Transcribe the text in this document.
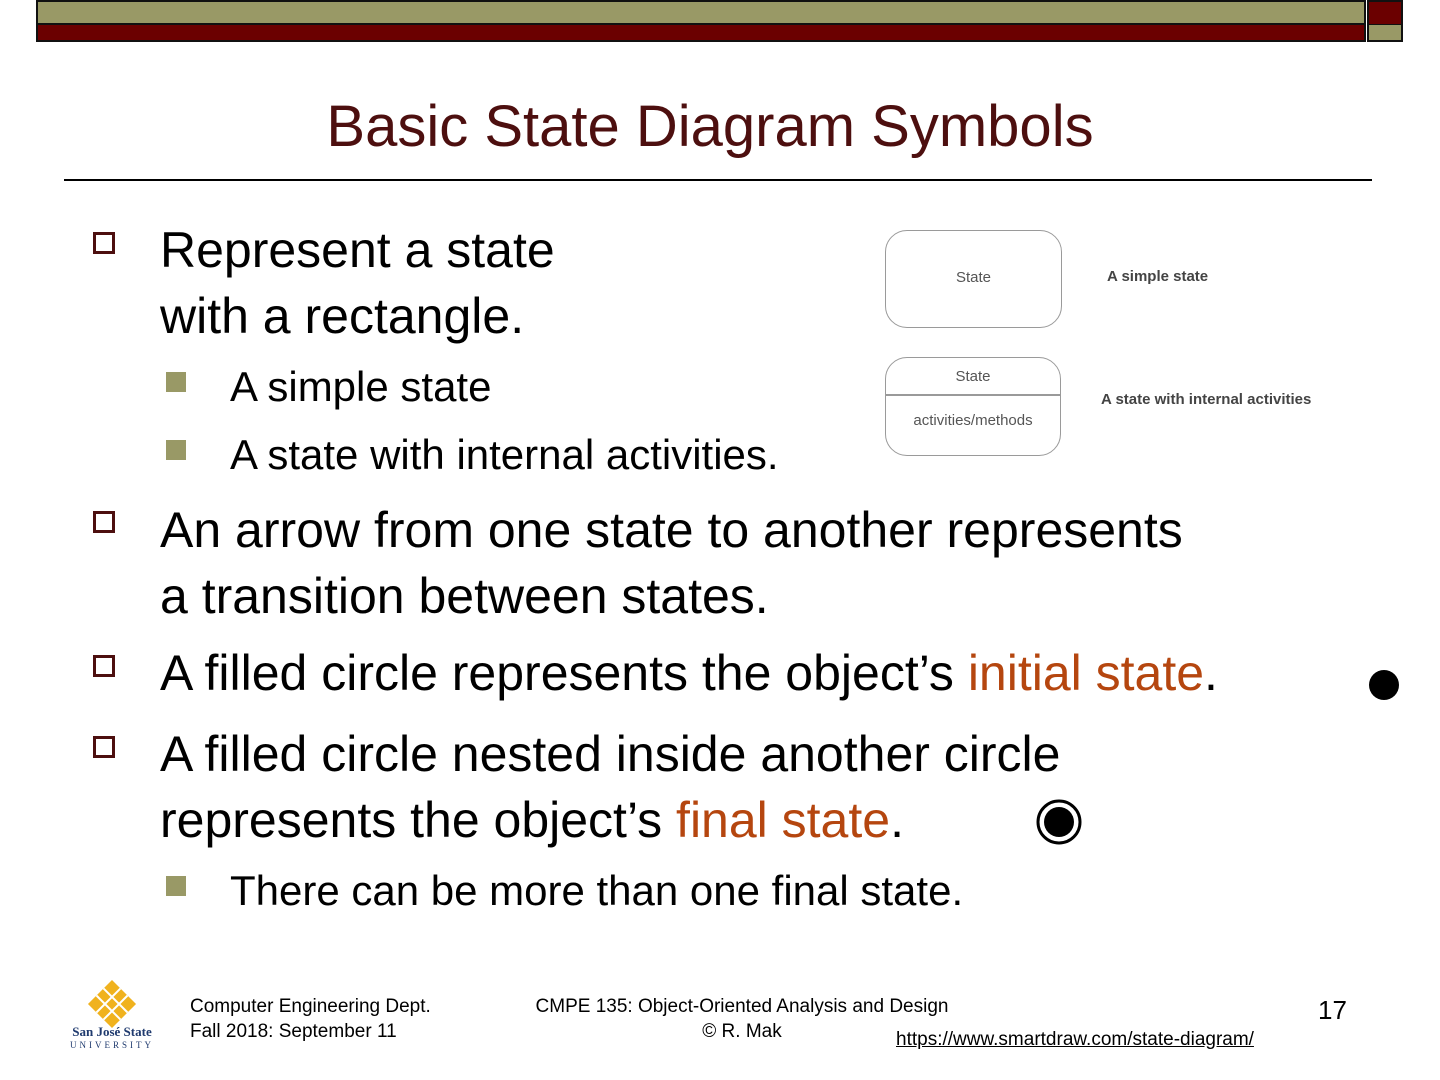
Basic State Diagram Symbols
Represent a state
with a rectangle.
A simple state
A state with internal activities.
State	A simple state
State
activities/methods
A state with internal activities
An arrow from one state to another represents
a transition between states.
A filled circle represents the object’s initial state.
A filled circle nested inside another circle
represents the object’s final state.
There can be more than one final state.
San José State
UNIVERSITY
Computer Engineering Dept.
Fall 2018: September 11
CMPE 135: Object-Oriented Analysis and Design
© R. Mak
17
https://www.smartdraw.com/state-diagram/
